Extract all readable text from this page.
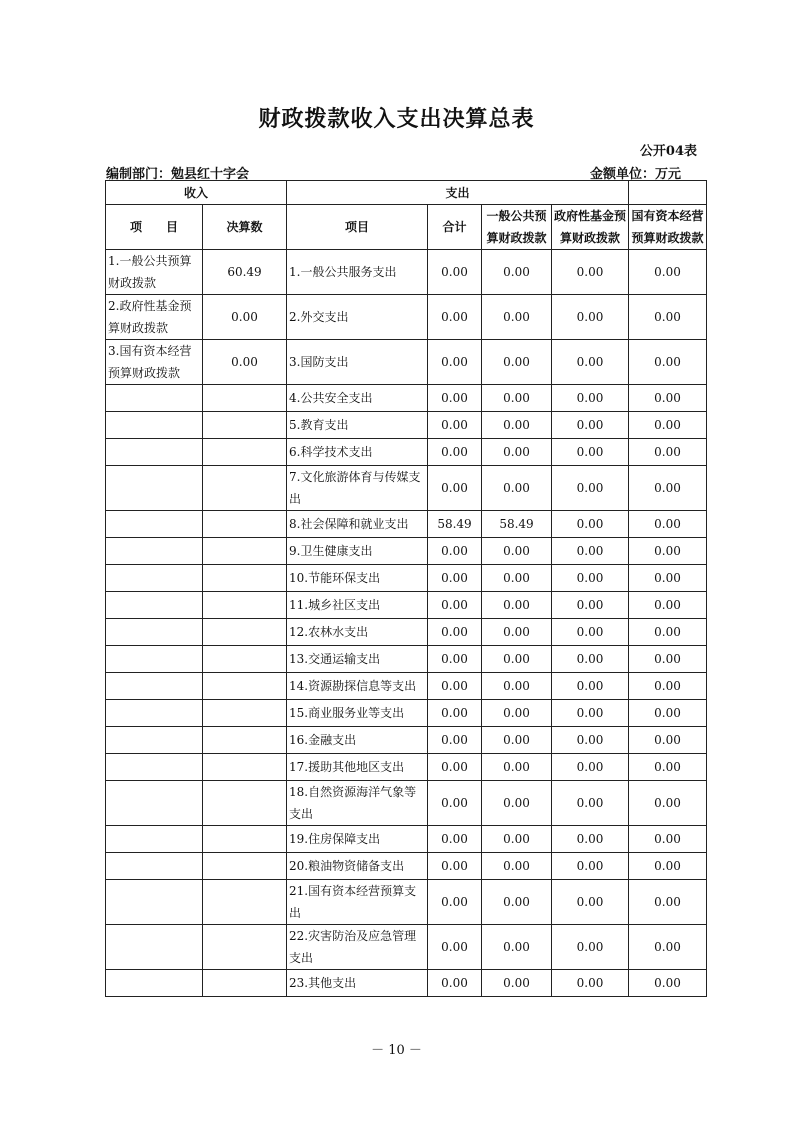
财政拨款收入支出决算总表
公开04表
编制部门：勉县红十字会	金额单位：万元
收入		支出				
项　　目	决算数	项目	合计	一般公共预算财政拨款	政府性基金预算财政拨款	国有资本经营预算财政拨款
1.一般公共预算财政拨款	60.49	1.一般公共服务支出	0.00	0.00	0.00	0.00
2.政府性基金预算财政拨款	0.00	2.外交支出	0.00	0.00	0.00	0.00
3.国有资本经营预算财政拨款	0.00	3.国防支出	0.00	0.00	0.00	0.00
		4.公共安全支出	0.00	0.00	0.00	0.00
		5.教育支出	0.00	0.00	0.00	0.00
		6.科学技术支出	0.00	0.00	0.00	0.00
		7.文化旅游体育与传媒支出	0.00	0.00	0.00	0.00
		8.社会保障和就业支出	58.49	58.49	0.00	0.00
		9.卫生健康支出	0.00	0.00	0.00	0.00
		10.节能环保支出	0.00	0.00	0.00	0.00
		11.城乡社区支出	0.00	0.00	0.00	0.00
		12.农林水支出	0.00	0.00	0.00	0.00
		13.交通运输支出	0.00	0.00	0.00	0.00
		14.资源勘探信息等支出	0.00	0.00	0.00	0.00
		15.商业服务业等支出	0.00	0.00	0.00	0.00
		16.金融支出	0.00	0.00	0.00	0.00
		17.援助其他地区支出	0.00	0.00	0.00	0.00
		18.自然资源海洋气象等支出	0.00	0.00	0.00	0.00
		19.住房保障支出	0.00	0.00	0.00	0.00
		20.粮油物资储备支出	0.00	0.00	0.00	0.00
		21.国有资本经营预算支出	0.00	0.00	0.00	0.00
		22.灾害防治及应急管理支出	0.00	0.00	0.00	0.00
		23.其他支出	0.00	0.00	0.00	0.00
－ 10 －
